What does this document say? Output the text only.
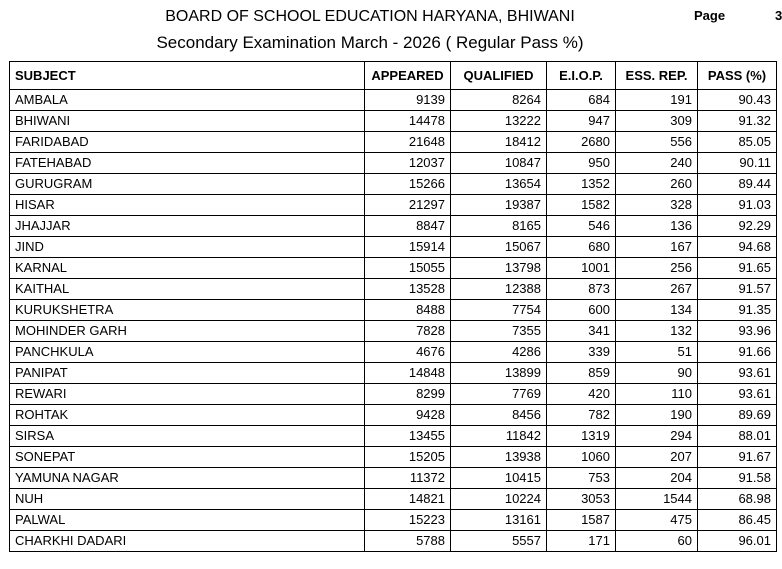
BOARD OF SCHOOL EDUCATION HARYANA, BHIWANI
Secondary Examination March - 2026 ( Regular Pass %)
Page	3
SUBJECT	APPEARED	QUALIFIED	E.I.O.P.	ESS. REP.	PASS (%)
AMBALA	9139	8264	684	191	90.43
BHIWANI	14478	13222	947	309	91.32
FARIDABAD	21648	18412	2680	556	85.05
FATEHABAD	12037	10847	950	240	90.11
GURUGRAM	15266	13654	1352	260	89.44
HISAR	21297	19387	1582	328	91.03
JHAJJAR	8847	8165	546	136	92.29
JIND	15914	15067	680	167	94.68
KARNAL	15055	13798	1001	256	91.65
KAITHAL	13528	12388	873	267	91.57
KURUKSHETRA	8488	7754	600	134	91.35
MOHINDER GARH	7828	7355	341	132	93.96
PANCHKULA	4676	4286	339	51	91.66
PANIPAT	14848	13899	859	90	93.61
REWARI	8299	7769	420	110	93.61
ROHTAK	9428	8456	782	190	89.69
SIRSA	13455	11842	1319	294	88.01
SONEPAT	15205	13938	1060	207	91.67
YAMUNA NAGAR	11372	10415	753	204	91.58
NUH	14821	10224	3053	1544	68.98
PALWAL	15223	13161	1587	475	86.45
CHARKHI DADARI	5788	5557	171	60	96.01
